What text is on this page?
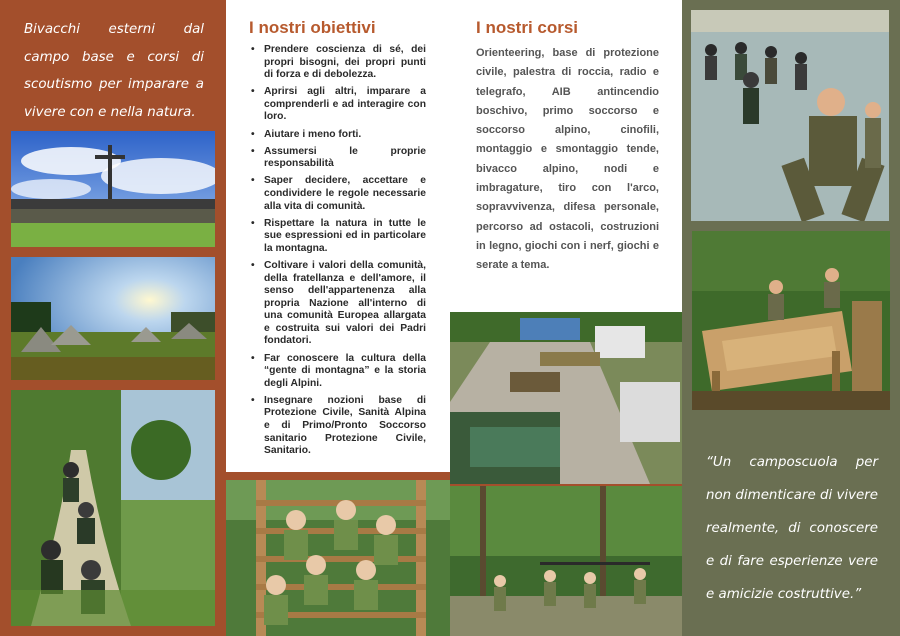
Bivacchi esterni dal campo base e corsi di scoutismo per imparare a vivere con e nella natura.
I nostri obiettivi
• Prendere coscienza di sé, dei propri bisogni, dei propri punti di forza e di debolezza.
• Aprirsi agli altri, imparare a comprenderli e ad interagire con loro.
• Aiutare i meno forti.
• Assumersi le proprie responsabilità
• Saper decidere, accettare e condividere le regole necessarie alla vita di comunità.
• Rispettare la natura in tutte le sue espressioni ed in particolare la montagna.
• Coltivare i valori della comunità, della fratellanza e dell'amore, il senso dell'appartenenza alla propria Nazione all'interno di una comunità Europea allargata e costruita sui valori dei Padri fondatori.
• Far conoscere la cultura della “gente di montagna” e la storia degli Alpini.
• Insegnare nozioni base di Protezione Civile, Sanità Alpina e di Primo/Pronto Soccorso sanitario Protezione Civile, Sanitario.
I nostri corsi
Orienteering, base di protezione civile, palestra di roccia, radio e telegrafo, AIB antincendio boschivo, primo soccorso e soccorso alpino, cinofili, montaggio e smontaggio tende, bivacco alpino, nodi e imbragature, tiro con l'arco, sopravvivenza, difesa personale, percorso ad ostacoli, costruzioni in legno, giochi con i nerf, giochi e serate a tema.
“Un camposcuola per non dimenticare di vivere realmente, di conoscere e di fare esperienze vere e amicizie costruttive.”
